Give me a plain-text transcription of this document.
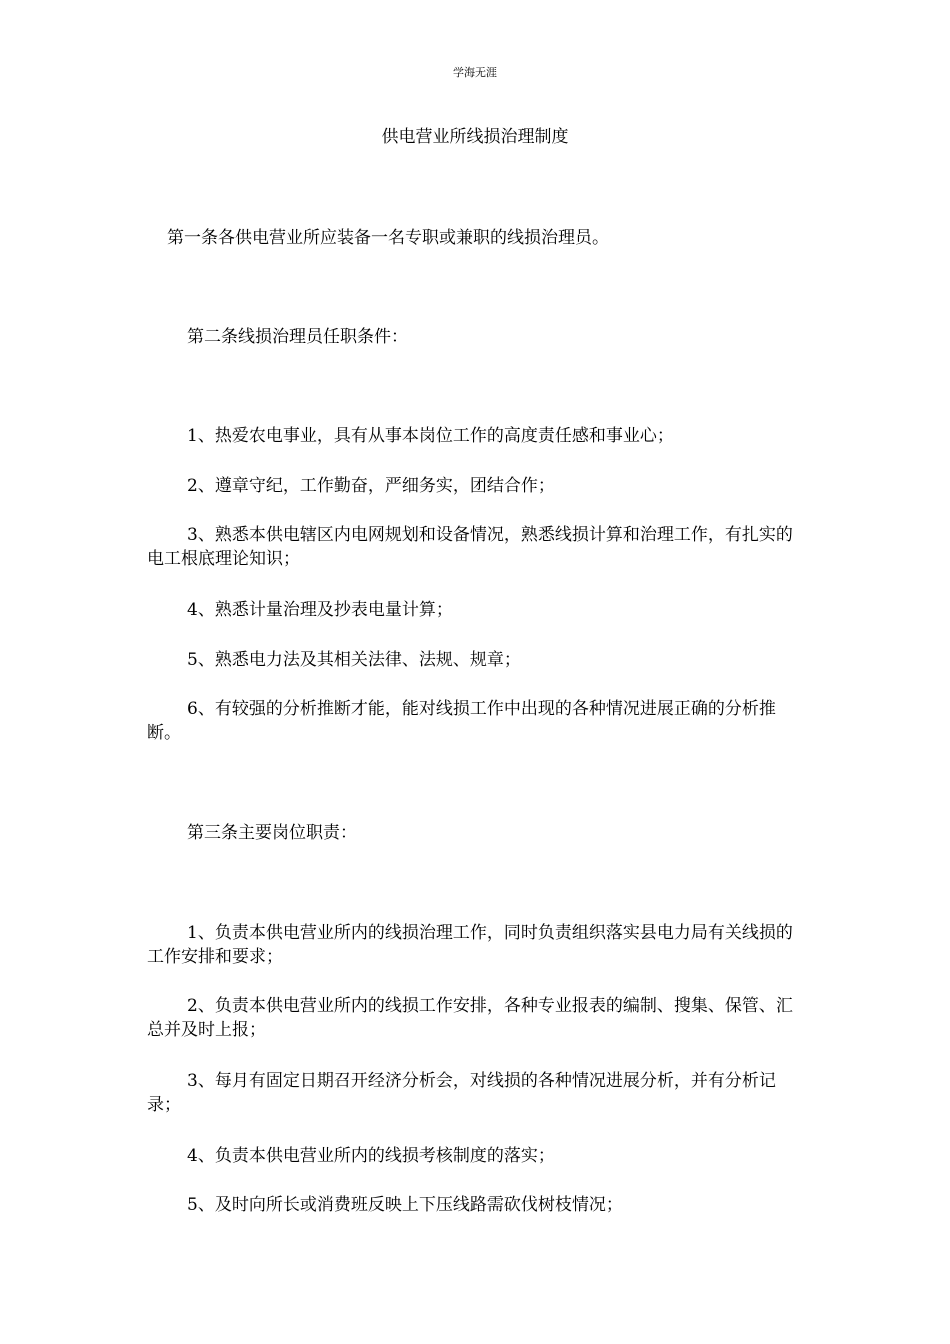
学海无涯
供电营业所线损治理制度

第一条各供电营业所应装备一名专职或兼职的线损治理员。

第二条线损治理员任职条件：

1、热爱农电事业，具有从事本岗位工作的高度责任感和事业心；

2、遵章守纪，工作勤奋，严细务实，团结合作；

3、熟悉本供电辖区内电网规划和设备情况，熟悉线损计算和治理工作，有扎实的电工根底理论知识；

4、熟悉计量治理及抄表电量计算；

5、熟悉电力法及其相关法律、法规、规章；

6、有较强的分析推断才能，能对线损工作中出现的各种情况进展正确的分析推断。

第三条主要岗位职责：

1、负责本供电营业所内的线损治理工作，同时负责组织落实县电力局有关线损的工作安排和要求；

2、负责本供电营业所内的线损工作安排，各种专业报表的编制、搜集、保管、汇总并及时上报；

3、每月有固定日期召开经济分析会，对线损的各种情况进展分析，并有分析记录；

4、负责本供电营业所内的线损考核制度的落实；

5、及时向所长或消费班反映上下压线路需砍伐树枝情况；
